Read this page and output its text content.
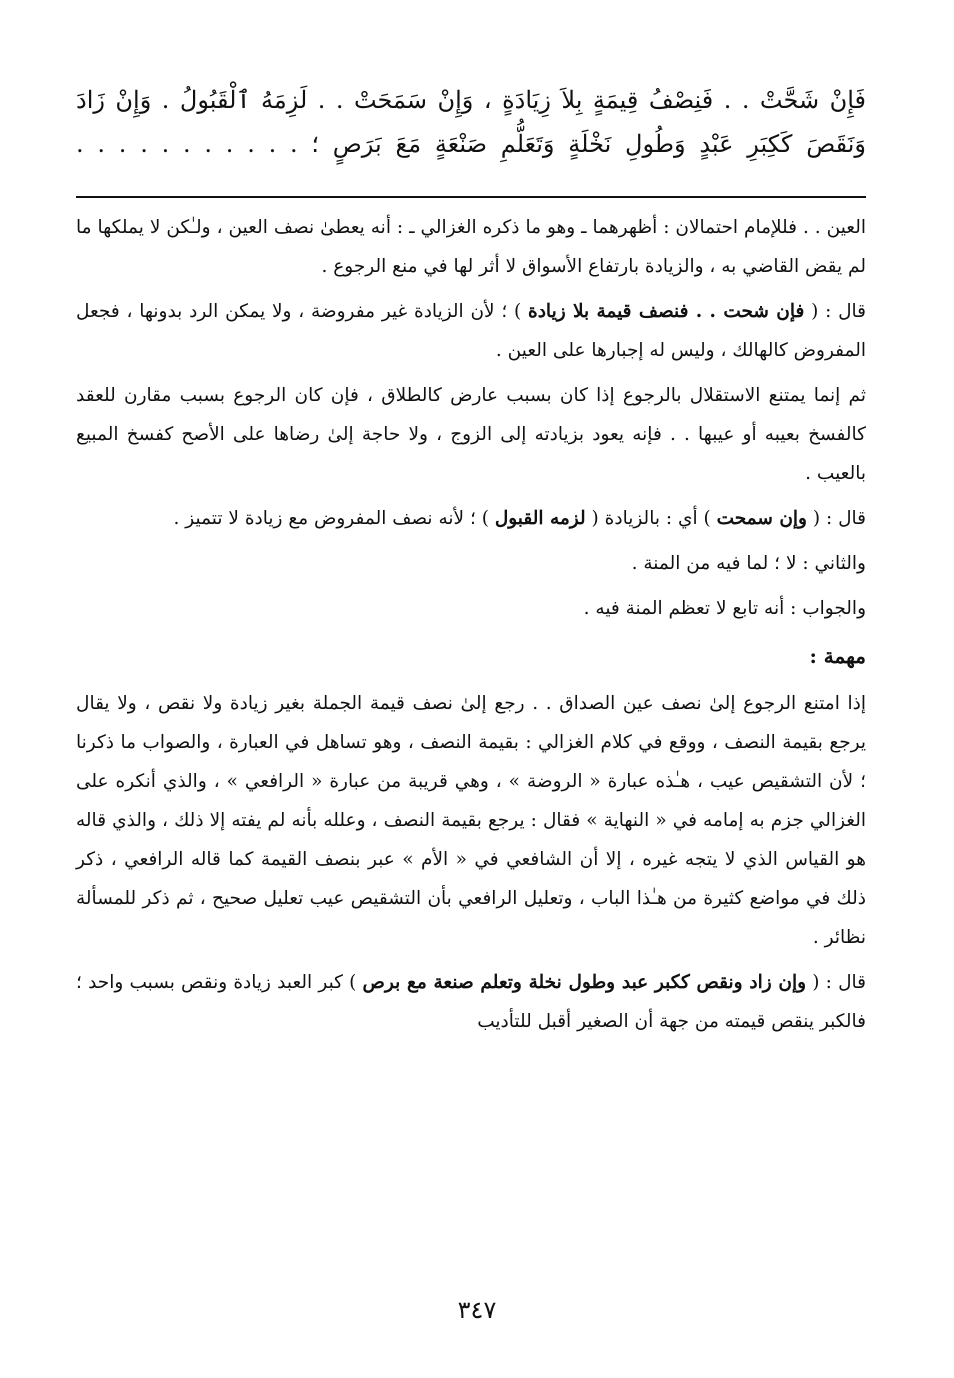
فَإِنْ شَحَّتْ . . فَنِصْفُ قِيمَةٍ بِلاَ زِيَادَةٍ ، وَإِنْ سَمَحَتْ . . لَزِمَهُ ٱلْقَبُولُ . وَإِنْ زَادَ

وَنَقَصَ كَكِبَرِ عَبْدٍ وَطُولِ نَخْلَةٍ وَتَعَلُّمِ صَنْعَةٍ مَعَ بَرَصٍ ؛ . . . . . . . . . . .

العين . . فللإمام احتمالان : أظهرهما ـ وهو ما ذكره الغزالي ـ : أنه يعطىٰ نصف العين ، ولـٰكن لا يملكها ما لم يقض القاضي به ، والزيادة بارتفاع الأسواق لا أثر لها في منع الرجوع .

قال : ( فإن شحت . . فنصف قيمة بلا زيادة ) ؛ لأن الزيادة غير مفروضة ، ولا يمكن الرد بدونها ، فجعل المفروض كالهالك ، وليس له إجبارها على العين .

ثم إنما يمتنع الاستقلال بالرجوع إذا كان بسبب عارض كالطلاق ، فإن كان الرجوع بسبب مقارن للعقد كالفسخ بعيبه أو عيبها . . فإنه يعود بزيادته إلى الزوج ، ولا حاجة إلىٰ رضاها على الأصح كفسخ المبيع بالعيب .

قال : ( وإن سمحت ) أي : بالزيادة ( لزمه القبول ) ؛ لأنه نصف المفروض مع زيادة لا تتميز .

والثاني : لا ؛ لما فيه من المنة .

والجواب : أنه تابع لا تعظم المنة فيه .

مهمة :

إذا امتنع الرجوع إلىٰ نصف عين الصداق . . رجع إلىٰ نصف قيمة الجملة بغير زيادة ولا نقص ، ولا يقال يرجع بقيمة النصف ، ووقع في كلام الغزالي : بقيمة النصف ، وهو تساهل في العبارة ، والصواب ما ذكرنا ؛ لأن التشقيص عيب ، هـٰذه عبارة « الروضة » ، وهي قريبة من عبارة « الرافعي » ، والذي أنكره على الغزالي جزم به إمامه في « النهاية » فقال : يرجع بقيمة النصف ، وعلله بأنه لم يفته إلا ذلك ، والذي قاله هو القياس الذي لا يتجه غيره ، إلا أن الشافعي في « الأم » عبر بنصف القيمة كما قاله الرافعي ، ذكر ذلك في مواضع كثيرة من هـٰذا الباب ، وتعليل الرافعي بأن التشقيص عيب تعليل صحيح ، ثم ذكر للمسألة نظائر .

قال : ( وإن زاد ونقص ككبر عبد وطول نخلة وتعلم صنعة مع برص ) كبر العبد زيادة ونقص بسبب واحد ؛ فالكبر ينقص قيمته من جهة أن الصغير أقبل للتأديب

٣٤٧
